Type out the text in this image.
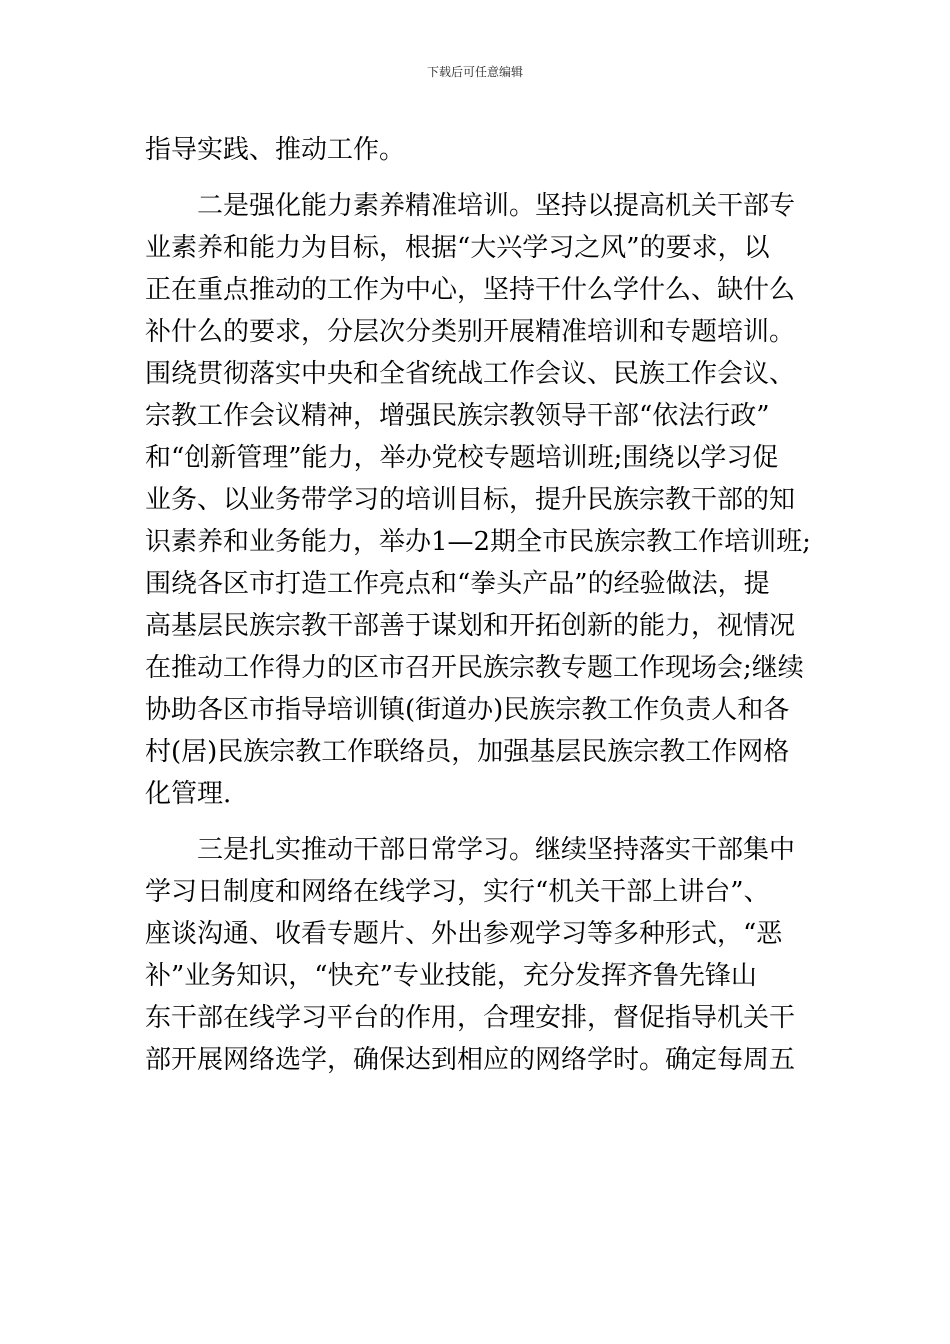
下载后可任意编辑
指导实践、推动工作。
二是强化能力素养精准培训。坚持以提高机关干部专
业素养和能力为目标，根据“大兴学习之风”的要求，以
正在重点推动的工作为中心，坚持干什么学什么、缺什么
补什么的要求，分层次分类别开展精准培训和专题培训。
围绕贯彻落实中央和全省统战工作会议、民族工作会议、
宗教工作会议精神，增强民族宗教领导干部“依法行政”
和“创新管理”能力，举办党校专题培训班;围绕以学习促
业务、以业务带学习的培训目标，提升民族宗教干部的知
识素养和业务能力，举办1—2期全市民族宗教工作培训班;
围绕各区市打造工作亮点和“拳头产品”的经验做法，提
高基层民族宗教干部善于谋划和开拓创新的能力，视情况
在推动工作得力的区市召开民族宗教专题工作现场会;继续
协助各区市指导培训镇(街道办)民族宗教工作负责人和各
村(居)民族宗教工作联络员，加强基层民族宗教工作网格
化管理.
三是扎实推动干部日常学习。继续坚持落实干部集中
学习日制度和网络在线学习，实行“机关干部上讲台”、
座谈沟通、收看专题片、外出参观学习等多种形式，“恶
补”业务知识，“快充”专业技能，充分发挥齐鲁先锋山
东干部在线学习平台的作用，合理安排，督促指导机关干
部开展网络选学，确保达到相应的网络学时。确定每周五
